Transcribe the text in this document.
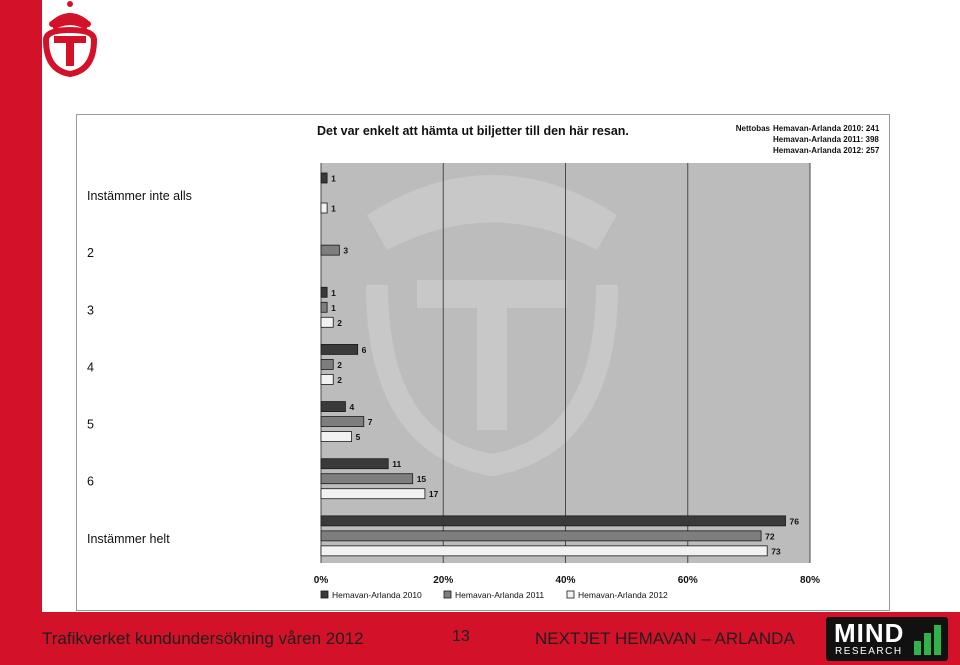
Det var enkelt att hämta ut biljetter till den här resan.	Nettobas Hemavan-Arlanda 2010: 241
Hemavan-Arlanda 2011: 398
Hemavan-Arlanda 2012: 257
Instämmer inte alls
2
3
4
5
6
Instämmer helt
1
1
3
1
1
2
6
2
2
4
7
5
11
15
17
76
72
73
0%	20%	40%	60%	80%
Hemavan-Arlanda 2010	Hemavan-Arlanda 2011	Hemavan-Arlanda 2012
Trafikverket kundundersökning våren 2012	13	NEXTJET HEMAVAN – ARLANDA MIND
RESEARCH
